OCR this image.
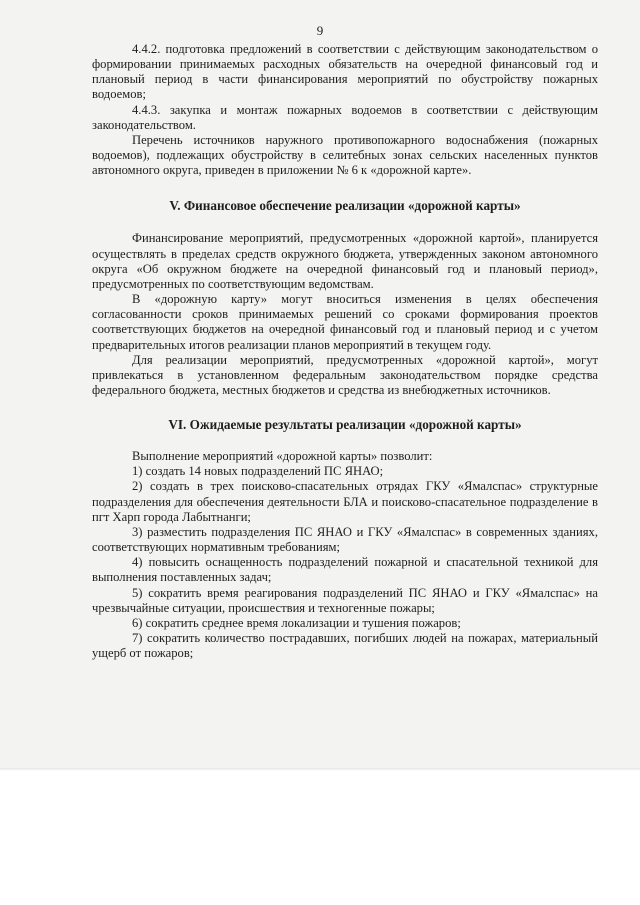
9

4.4.2. подготовка предложений в соответствии с действующим законодательством о формировании принимаемых расходных обязательств на очередной финансовый год и плановый период в части финансирования мероприятий по обустройству пожарных водоемов;

4.4.3. закупка и монтаж пожарных водоемов в соответствии с действующим законодательством.

Перечень источников наружного противопожарного водоснабжения (пожарных водоемов), подлежащих обустройству в селитебных зонах сельских населенных пунктов автономного округа, приведен в приложении № 6 к «дорожной карте».

V. Финансовое обеспечение реализации «дорожной карты»

Финансирование мероприятий, предусмотренных «дорожной картой», планируется осуществлять в пределах средств окружного бюджета, утвержденных законом автономного округа «Об окружном бюджете на очередной финансовый год и плановый период», предусмотренных по соответствующим ведомствам.

В «дорожную карту» могут вноситься изменения в целях обеспечения согласованности сроков принимаемых решений со сроками формирования проектов соответствующих бюджетов на очередной финансовый год и плановый период и с учетом предварительных итогов реализации планов мероприятий в текущем году.

Для реализации мероприятий, предусмотренных «дорожной картой», могут привлекаться в установленном федеральным законодательством порядке средства федерального бюджета, местных бюджетов и средства из внебюджетных источников.

VI. Ожидаемые результаты реализации «дорожной карты»

Выполнение мероприятий «дорожной карты» позволит:

1) создать 14 новых подразделений ПС ЯНАО;

2) создать в трех поисково-спасательных отрядах ГКУ «Ямалспас» структурные подразделения для обеспечения деятельности БЛА и поисково-спасательное подразделение в пгт Харп города Лабытнанги;

3) разместить подразделения ПС ЯНАО и ГКУ «Ямалспас» в современных зданиях, соответствующих нормативным требованиям;

4) повысить оснащенность подразделений пожарной и спасательной техникой для выполнения поставленных задач;

5) сократить время реагирования подразделений ПС ЯНАО и ГКУ «Ямалспас» на чрезвычайные ситуации, происшествия и техногенные пожары;

6) сократить среднее время локализации и тушения пожаров;

7) сократить количество пострадавших, погибших людей на пожарах, материальный ущерб от пожаров;
